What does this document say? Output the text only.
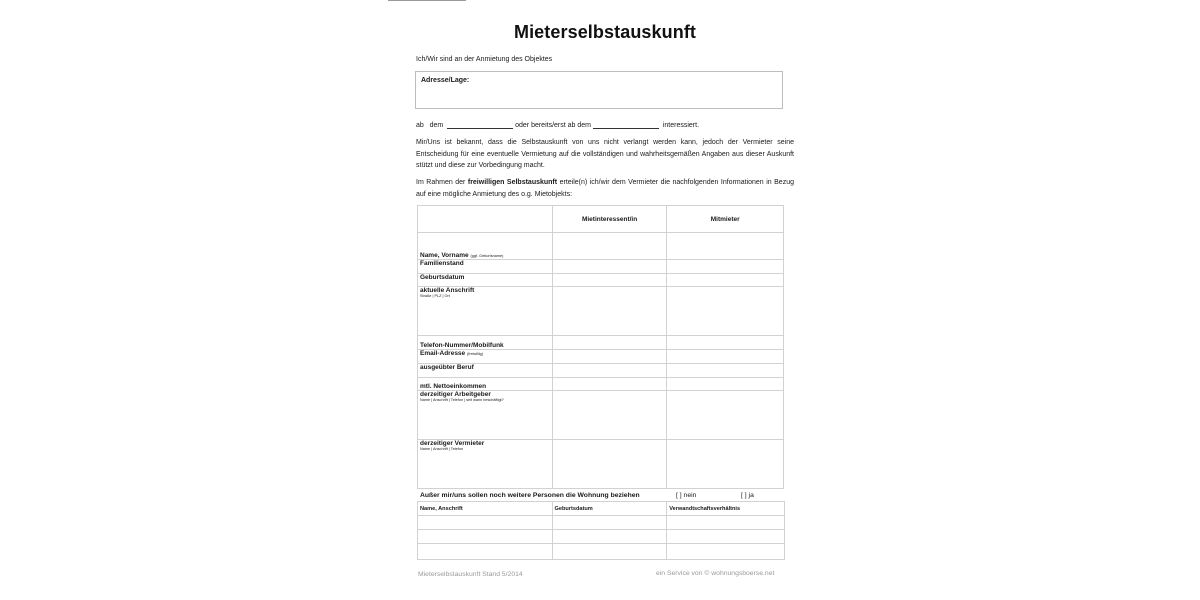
Mieterselbstauskunft
Ich/Wir sind an der Anmietung des Objektes
Adresse/Lage:
ab dem	oder bereits/erst ab dem	interessiert.
Mir/Uns ist bekannt, dass die Selbstauskunft von uns nicht verlangt werden kann, jedoch der Vermieter seine Entscheidung für eine eventuelle Vermietung auf die vollständigen und wahrheitsgemäßen Angaben aus dieser Auskunft stützt und diese zur Vorbedingung macht.
Im Rahmen der freiwilligen Selbstauskunft erteile(n) ich/wir dem Vermieter die nachfolgenden Informationen in Bezug auf eine mögliche Anmietung des o.g. Mietobjekts:
	Mietinteressent/in	Mitmieter
Name, Vorname (ggf. Geburtsname)		
Familienstand		
Geburtsdatum		
aktuelle Anschrift
Straße | PLZ | Ort		

Telefon-Nummer/Mobilfunk		
Email-Adresse (freiwillig)		
ausgeübter Beruf		
mtl. Nettoeinkommen		
derzeitiger Arbeitgeber
Name | Anschrift | Telefon | seit wann beschäftigt?		

derzeitiger Vermieter
Name | Anschrift | Telefon		

Außer mir/uns sollen noch weitere Personen die Wohnung beziehen	[ ] nein	[ ] ja
Name, Anschrift	Geburtsdatum	Verwandtschaftsverhältnis

Mieterselbstauskunft Stand 5/2014	ein Service von © wohnungsboerse.net
